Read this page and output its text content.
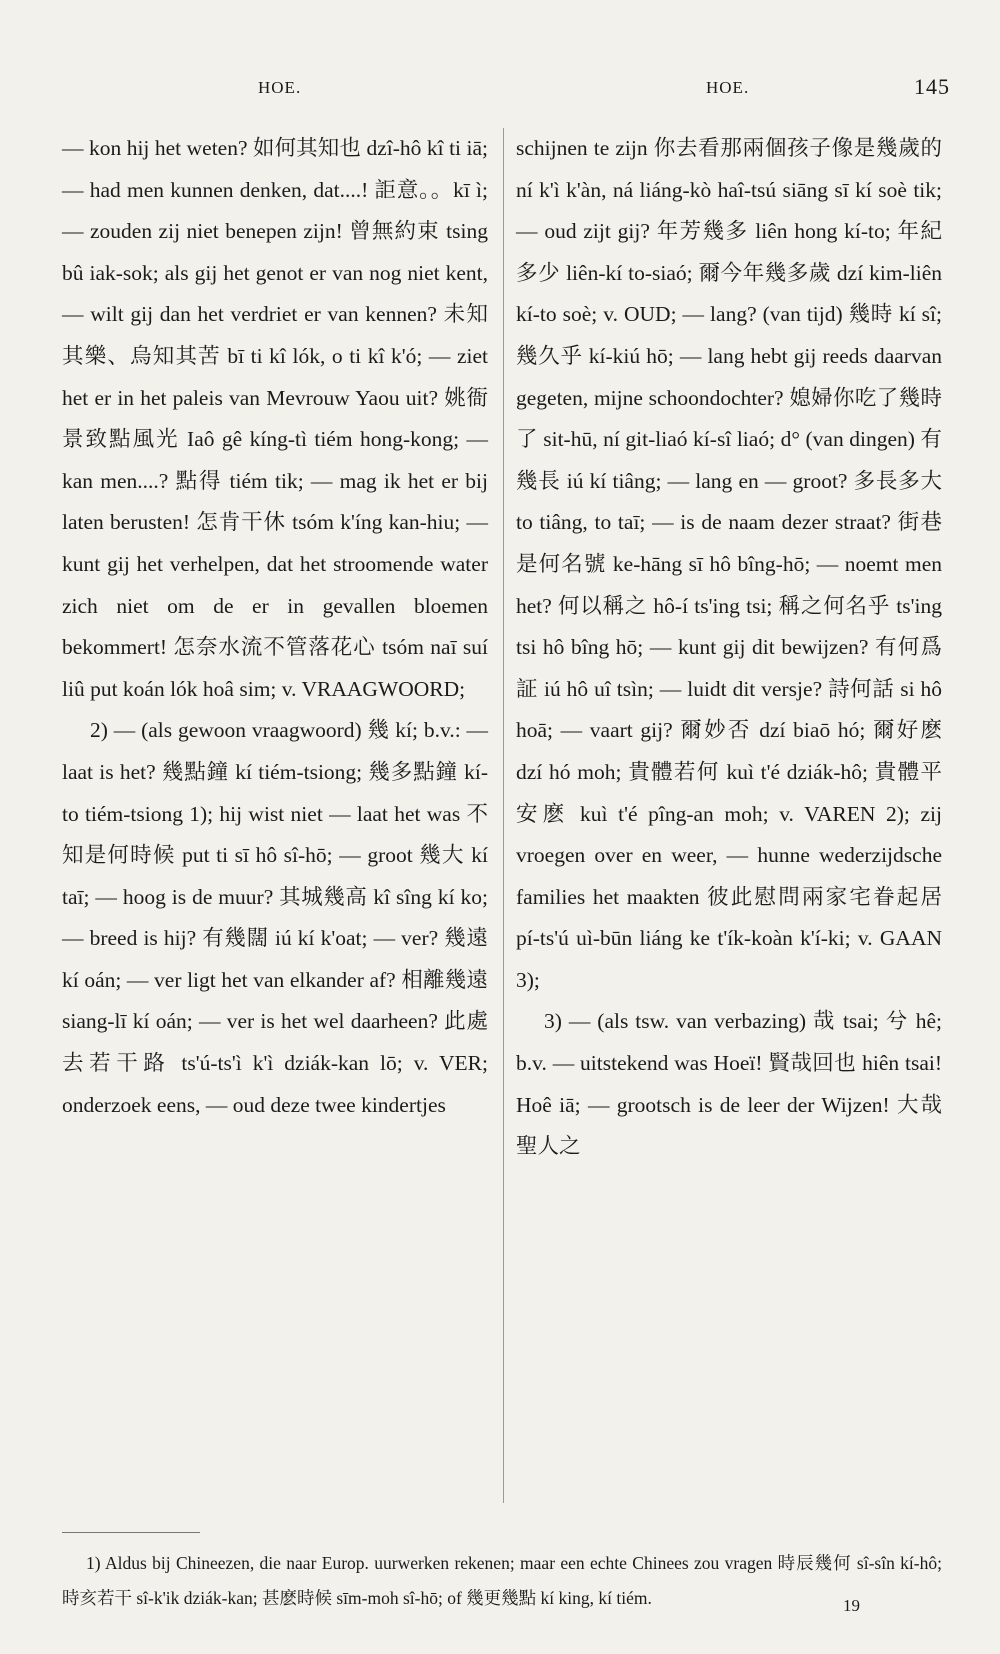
HOE.	HOE.	145

— kon hij het weten? 如何其知也 dzî-hô kî ti iā; — had men kunnen denken, dat....! 詎意。。kī ì; — zouden zij niet benepen zijn! 曾無約束 tsing bû iak-sok; als gij het genot er van nog niet kent, — wilt gij dan het verdriet er van kennen? 未知其樂、烏知其苦 bī ti kî lók, o ti kî k'ó; — ziet het er in het paleis van Mevrouw Yaou uit? 姚衙景致點風光 Iaô gê kíng-tì tiém hong-kong; — kan men....? 點得 tiém tik; — mag ik het er bij laten berusten! 怎肯干休 tsóm k'íng kan-hiu; — kunt gij het verhelpen, dat het stroomende water zich niet om de er in gevallen bloemen bekommert! 怎奈水流不管落花心 tsóm naī suí liû put koán lók hoâ sim; v. VRAAGWOORD;

2) — (als gewoon vraagwoord) 幾 kí; b.v.: — laat is het? 幾點鐘 kí tiém-tsiong; 幾多點鐘 kí-to tiém-tsiong 1); hij wist niet — laat het was 不知是何時候 put ti sī hô sî-hō; — groot 幾大 kí taī; — hoog is de muur? 其城幾高 kî sîng kí ko; — breed is hij? 有幾闊 iú kí k'oat; — ver? 幾遠 kí oán; — ver ligt het van elkander af? 相離幾遠 siang-lī kí oán; — ver is het wel daarheen? 此處去若干路 ts'ú-ts'ì k'ì dziák-kan lō; v. VER; onderzoek eens, — oud deze twee kindertjes

schijnen te zijn 你去看那兩個孩子像是幾歲的 ní k'ì k'àn, ná liáng-kò haî-tsú siāng sī kí soè tik; — oud zijt gij? 年芳幾多 liên hong kí-to; 年紀多少 liên-kí to-siaó; 爾今年幾多歲 dzí kim-liên kí-to soè; v. OUD; — lang? (van tijd) 幾時 kí sî; 幾久乎 kí-kiú hō; — lang hebt gij reeds daarvan gegeten, mijne schoondochter? 媳婦你吃了幾時了 sit-hū, ní git-liaó kí-sî liaó; d° (van dingen) 有幾長 iú kí tiâng; — lang en — groot? 多長多大 to tiâng, to taī; — is de naam dezer straat? 街巷是何名號 ke-hāng sī hô bîng-hō; — noemt men het? 何以稱之 hô-í ts'ing tsi; 稱之何名乎 ts'ing tsi hô bîng hō; — kunt gij dit bewijzen? 有何爲証 iú hô uî tsìn; — luidt dit versje? 詩何話 si hô hoā; — vaart gij? 爾妙否 dzí biaō hó; 爾好麽 dzí hó moh; 貴體若何 kuì t'é dziák-hô; 貴體平安麽 kuì t'é pîng-an moh; v. VAREN 2); zij vroegen over en weer, — hunne wederzijdsche families het maakten 彼此慰問兩家宅眷起居 pí-ts'ú uì-būn liáng ke t'ík-koàn k'í-ki; v. GAAN 3);

3) — (als tsw. van verbazing) 哉 tsai; 兮 hê; b.v. — uitstekend was Hoeï! 賢哉回也 hiên tsai! Hoê iā; — grootsch is de leer der Wijzen! 大哉聖人之

1) Aldus bij Chineezen, die naar Europ. uurwerken rekenen; maar een echte Chinees zou vragen 時辰幾何 sî-sîn kí-hô; 時亥若干 sî-k'ik dziák-kan; 甚麽時候 sīm-moh sî-hō; of 幾更幾點 kí king, kí tiém.	19
